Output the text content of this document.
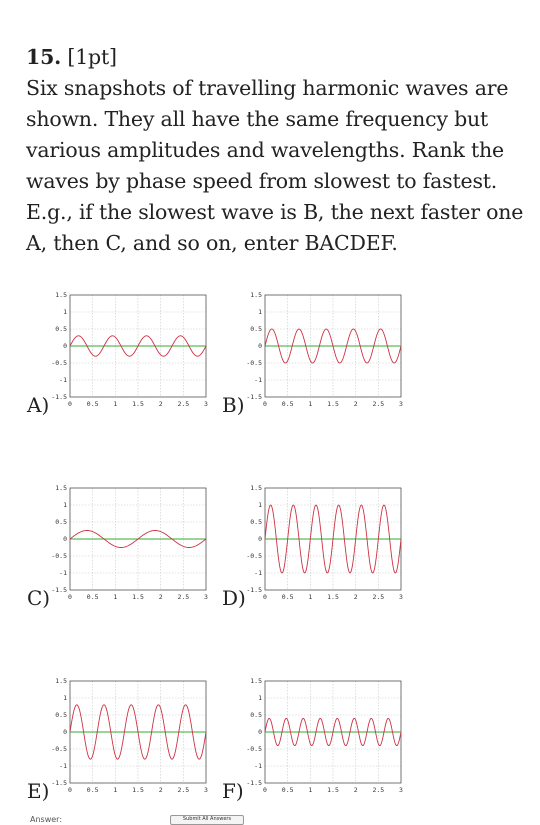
15. [1pt]
Six snapshots of travelling harmonic waves are shown. They all have the same frequency but various amplitudes and wavelengths. Rank the waves by phase speed from slowest to fastest. E.g., if the slowest wave is B, the next faster one A, then C, and so on, enter BACDEF.
0 0.5 1 1.5 2 2.5 3
1.5
1
0.5
0
-0.5
-1
-1.5
A)	0 0.5 1 1.5 2 2.5 3
1.5
1
0.5
0
-0.5
-1
-1.5
B)
0 0.5 1 1.5 2 2.5 3
1.5
1
0.5
0
-0.5
-1
-1.5
C)	0 0.5 1 1.5 2 2.5 3
1.5
1
0.5
0
-0.5
-1
-1.5
D)
0 0.5 1 1.5 2 2.5 3
1.5
1
0.5
0
-0.5
-1
-1.5
E)	0 0.5 1 1.5 2 2.5 3
1.5
1
0.5
0
-0.5
-1
-1.5
F)
Answer:	Submit All Answers
